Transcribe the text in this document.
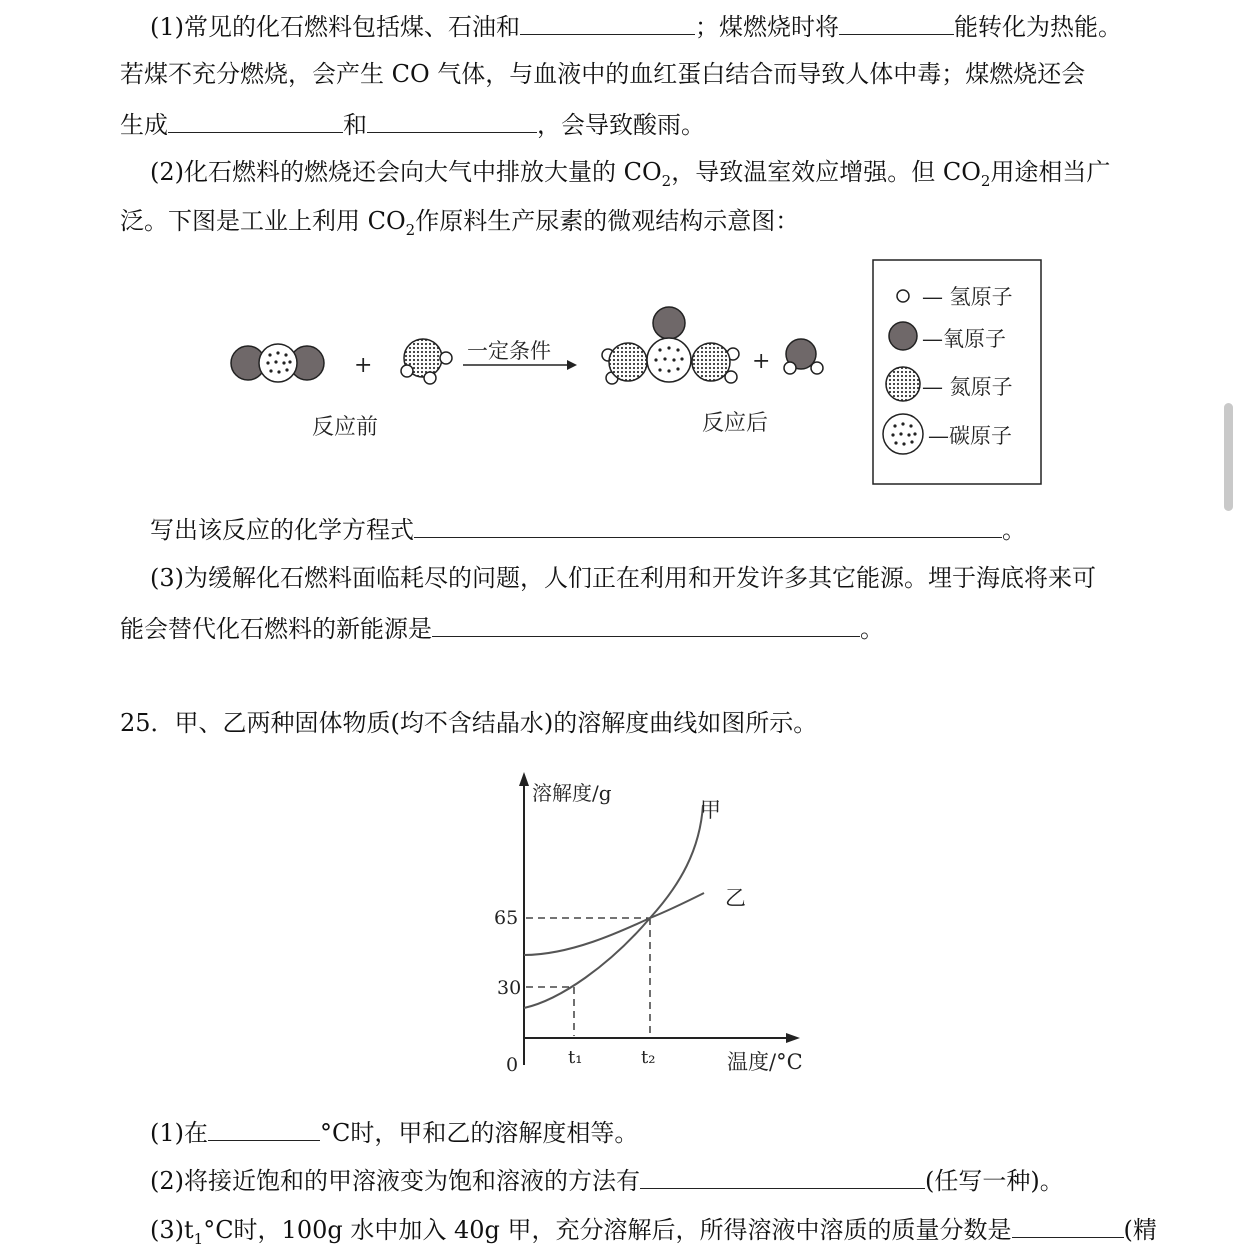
(1)常见的化石燃料包括煤、石油和	；煤燃烧时将	能转化为热能。
若煤不充分燃烧，会产生 CO 气体，与血液中的血红蛋白结合而导致人体中毒；煤燃烧还会
生成	和	，会导致酸雨。
(2)化石燃料的燃烧还会向大气中排放大量的 $CO_2$，导致温室效应增强。但 $CO_2$用途相当广
泛。下图是工业上利用 $CO_2$作原料生产尿素的微观结构示意图：
+
一定条件	+
反应前	反应后
— 氢原子
—氧原子
— 氮原子
—碳原子
写出该反应的化学方程式	。
(3)为缓解化石燃料面临耗尽的问题，人们正在利用和开发许多其它能源。埋于海底将来可
能会替代化石燃料的新能源是	。
25．甲、乙两种固体物质(均不含结晶水)的溶解度曲线如图所示。
溶解度/g
温度/°C
0
65
30
t₁	t₂
甲
乙
(1)在	°C时，甲和乙的溶解度相等。
(2)将接近饱和的甲溶液变为饱和溶液的方法有	(任写一种)。
$(3)t_1^\circ C$时，100g 水中加入 40g 甲，充分溶解后，所得溶液中溶质的质量分数是	(精
